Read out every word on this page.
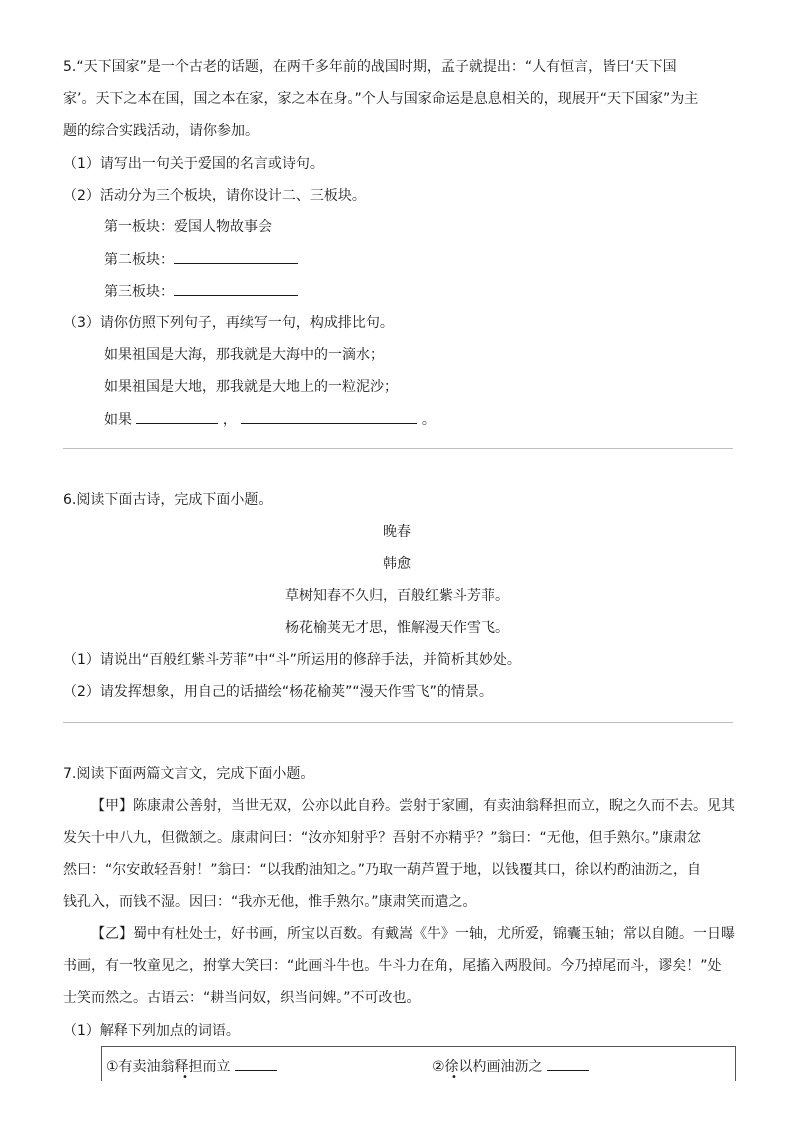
5.“天下国家”是一个古老的话题，在两千多年前的战国时期，孟子就提出：“人有恒言，皆曰‘天下国
家’。天下之本在国，国之本在家，家之本在身。”个人与国家命运是息息相关的，现展开“天下国家”为主
题的综合实践活动，请你参加。
（1）请写出一句关于爱国的名言或诗句。
（2）活动分为三个板块，请你设计二、三板块。
第一板块：爱国人物故事会
第二板块：
第三板块：
（3）请你仿照下列句子，再续写一句，构成排比句。
如果祖国是大海，那我就是大海中的一滴水；
如果祖国是大地，那我就是大地上的一粒泥沙；
如果	，	。
6.阅读下面古诗，完成下面小题。
晚春
韩愈
草树知春不久归，百般红紫斗芳菲。
杨花榆荚无才思，惟解漫天作雪飞。
（1）请说出“百般红紫斗芳菲”中“斗”所运用的修辞手法，并简析其妙处。
（2）请发挥想象，用自己的话描绘“杨花榆荚”“漫天作雪飞”的情景。
7.阅读下面两篇文言文，完成下面小题。
【甲】陈康肃公善射，当世无双，公亦以此自矜。尝射于家圃，有卖油翁释担而立，睨之久而不去。见其
发矢十中八九，但微颔之。康肃问曰：“汝亦知射乎？吾射不亦精乎？”翁曰：“无他，但手熟尔。”康肃忿
然曰：“尔安敢轻吾射！”翁曰：“以我酌油知之。”乃取一葫芦置于地，以钱覆其口，徐以杓酌油沥之，自
钱孔入，而钱不湿。因曰：“我亦无他，惟手熟尔。”康肃笑而遣之。
【乙】蜀中有杜处士，好书画，所宝以百数。有戴嵩《牛》一轴，尤所爱，锦囊玉轴；常以自随。一日曝
书画，有一牧童见之，拊掌大笑曰：“此画斗牛也。牛斗力在角，尾搐入两股间。今乃掉尾而斗，谬矣！”处
士笑而然之。古语云：“耕当问奴，织当问婢。”不可改也。
（1）解释下列加点的词语。
①有卖油翁释担而立
•
②徐以杓画油沥之
•
